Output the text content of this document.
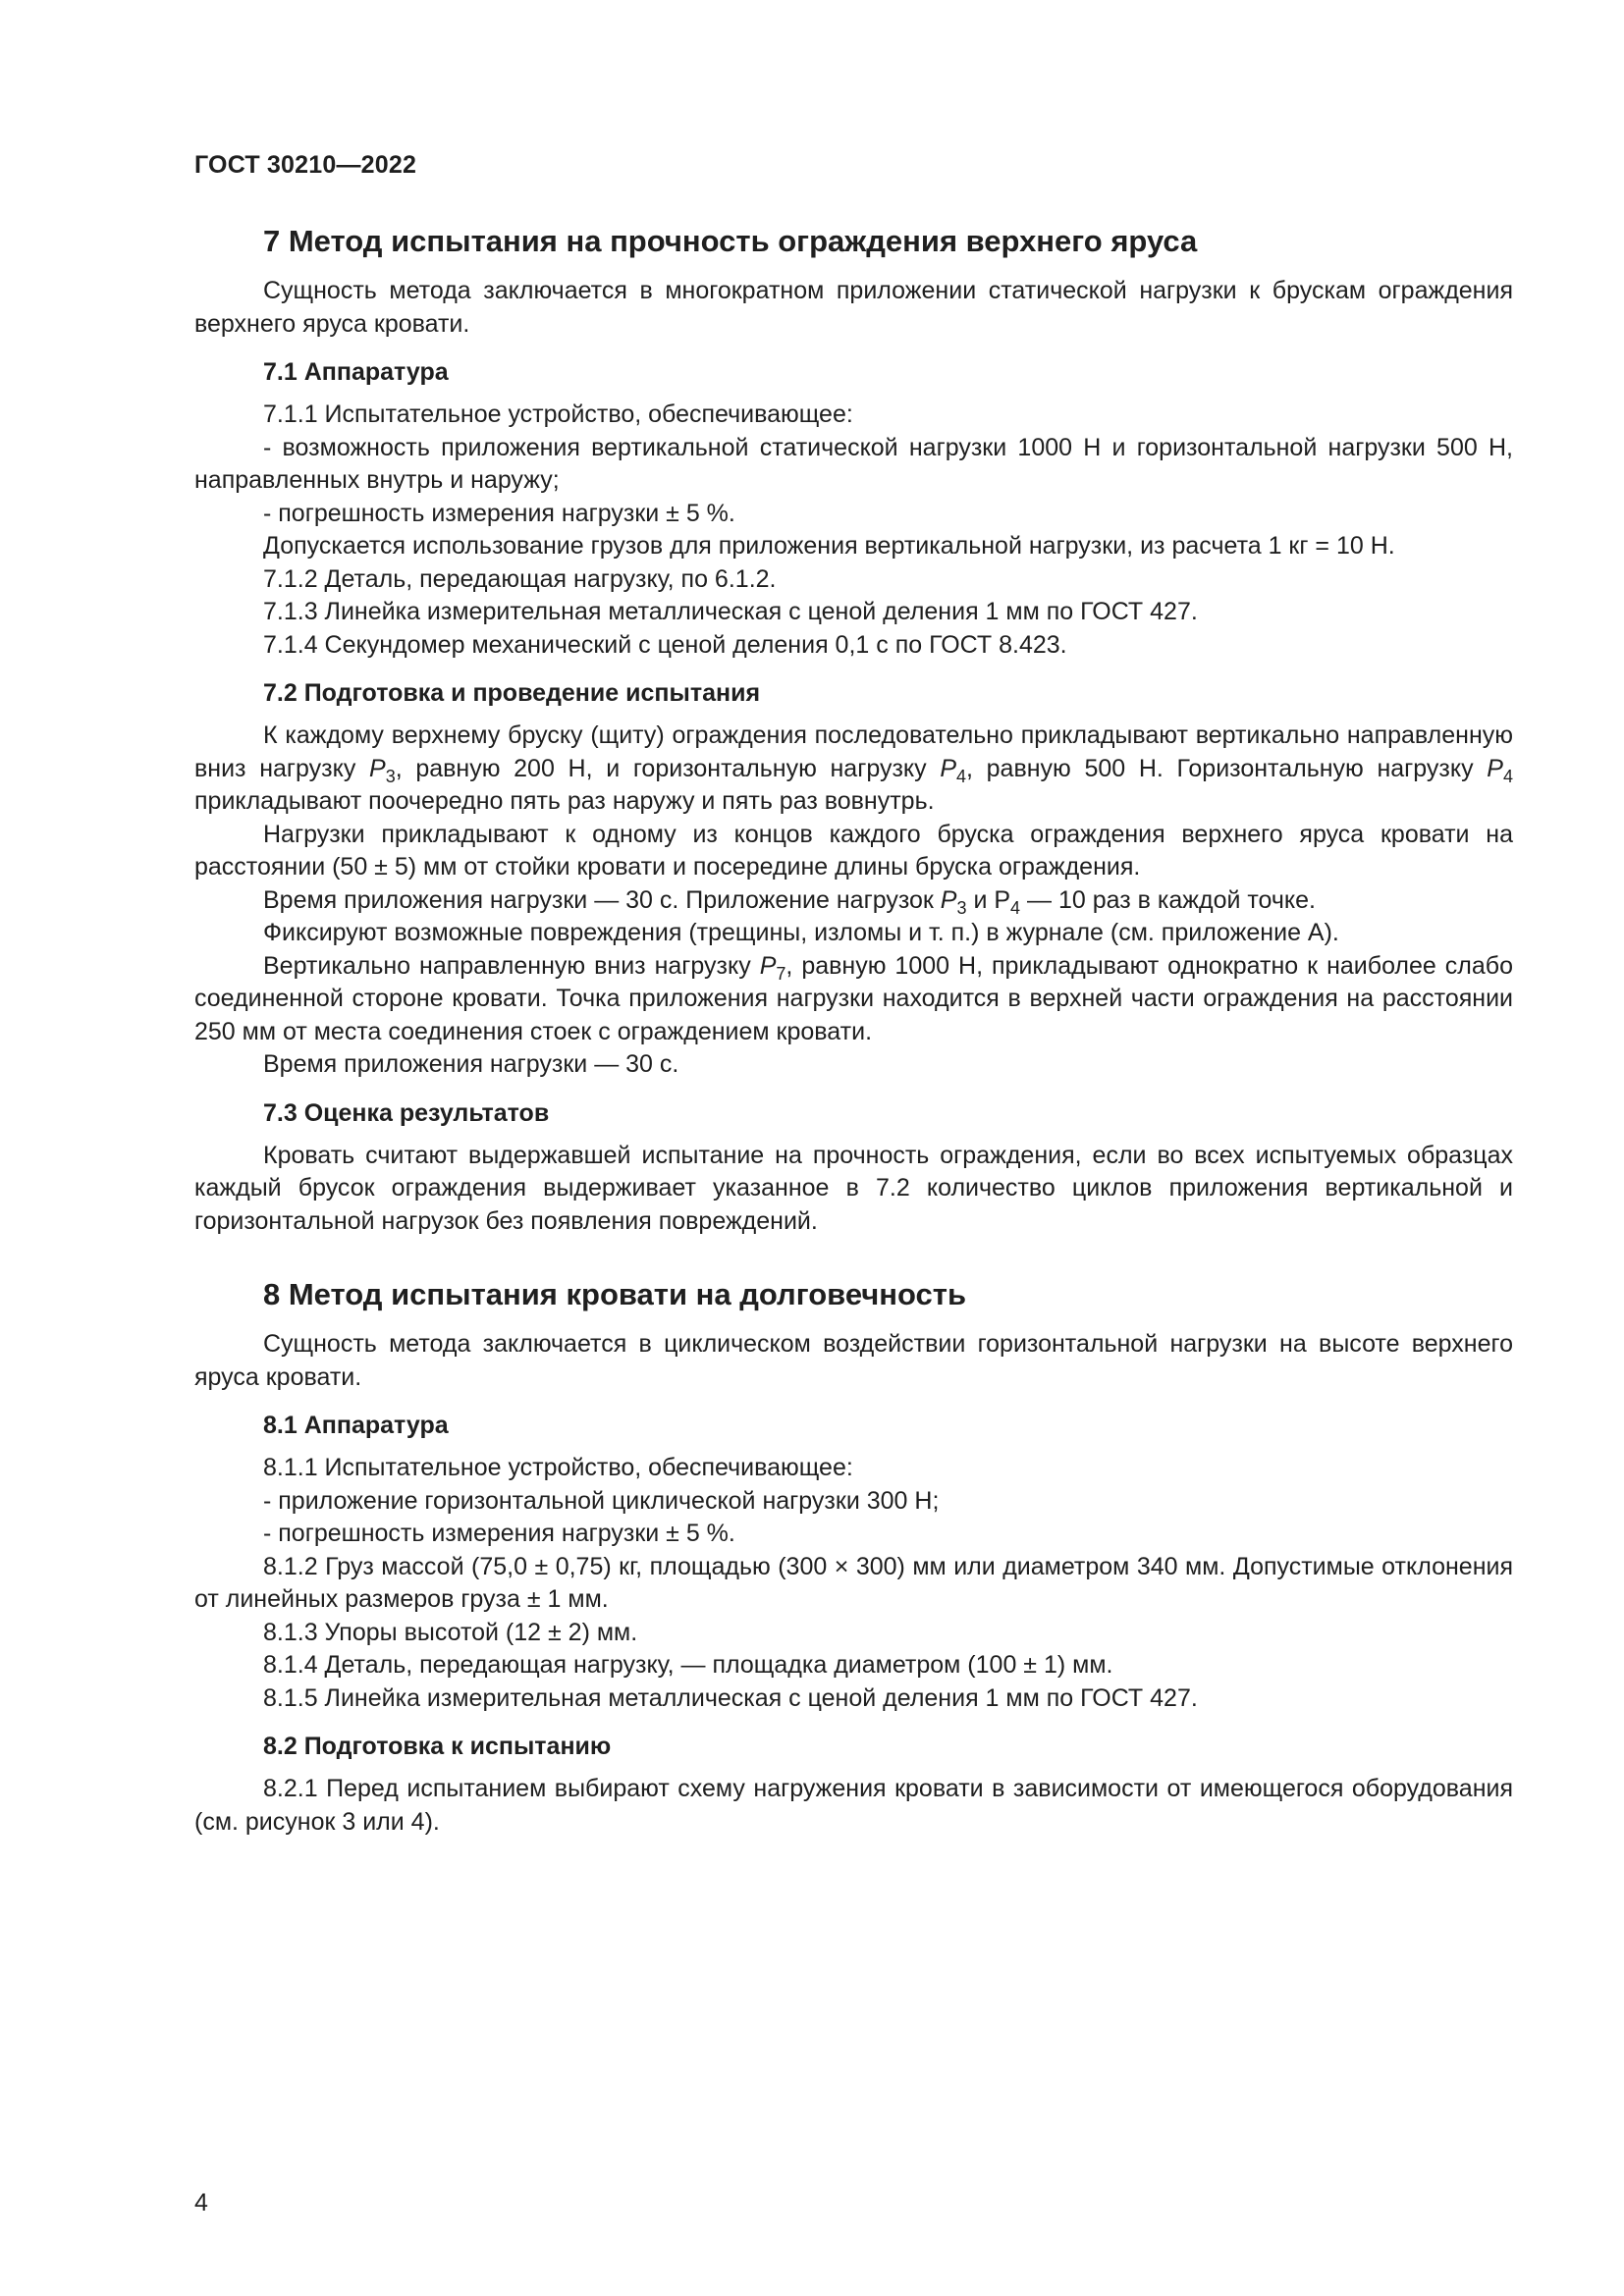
ГОСТ 30210—2022
7 Метод испытания на прочность ограждения верхнего яруса

Сущность метода заключается в многократном приложении статической нагрузки к брускам ограждения верхнего яруса кровати.

7.1 Аппаратура

7.1.1 Испытательное устройство, обеспечивающее:

- возможность приложения вертикальной статической нагрузки 1000 Н и горизонтальной нагрузки 500 Н, направленных внутрь и наружу;

- погрешность измерения нагрузки ± 5 %.

Допускается использование грузов для приложения вертикальной нагрузки, из расчета 1 кг = 10 Н.

7.1.2 Деталь, передающая нагрузку, по 6.1.2.

7.1.3 Линейка измерительная металлическая с ценой деления 1 мм по ГОСТ 427.

7.1.4 Секундомер механический с ценой деления 0,1 с по ГОСТ 8.423.

7.2 Подготовка и проведение испытания

К каждому верхнему бруску (щиту) ограждения последовательно прикладывают вертикально направленную вниз нагрузку $P_3$, равную 200 Н, и горизонтальную нагрузку $P_4$, равную 500 Н. Горизонтальную нагрузку $P_4$ прикладывают поочередно пять раз наружу и пять раз вовнутрь.

Нагрузки прикладывают к одному из концов каждого бруска ограждения верхнего яруса кровати на расстоянии (50 ± 5) мм от стойки кровати и посередине длины бруска ограждения.

Время приложения нагрузки — 30 с. Приложение нагрузок $P_3$ и $P_4$ — 10 раз в каждой точке.

Фиксируют возможные повреждения (трещины, изломы и т. п.) в журнале (см. приложение А).

Вертикально направленную вниз нагрузку $P_7$, равную 1000 Н, прикладывают однократно к наиболее слабо соединенной стороне кровати. Точка приложения нагрузки находится в верхней части ограждения на расстоянии 250 мм от места соединения стоек с ограждением кровати.

Время приложения нагрузки — 30 с.

7.3 Оценка результатов

Кровать считают выдержавшей испытание на прочность ограждения, если во всех испытуемых образцах каждый брусок ограждения выдерживает указанное в 7.2 количество циклов приложения вертикальной и горизонтальной нагрузок без появления повреждений.

8 Метод испытания кровати на долговечность

Сущность метода заключается в циклическом воздействии горизонтальной нагрузки на высоте верхнего яруса кровати.

8.1 Аппаратура

8.1.1 Испытательное устройство, обеспечивающее:

- приложение горизонтальной циклической нагрузки 300 Н;

- погрешность измерения нагрузки ± 5 %.

8.1.2 Груз массой (75,0 ± 0,75) кг, площадью (300 × 300) мм или диаметром 340 мм. Допустимые отклонения от линейных размеров груза ± 1 мм.

8.1.3 Упоры высотой (12 ± 2) мм.

8.1.4 Деталь, передающая нагрузку, — площадка диаметром (100 ± 1) мм.

8.1.5 Линейка измерительная металлическая с ценой деления 1 мм по ГОСТ 427.

8.2 Подготовка к испытанию

8.2.1 Перед испытанием выбирают схему нагружения кровати в зависимости от имеющегося оборудования (см. рисунок 3 или 4).

4
